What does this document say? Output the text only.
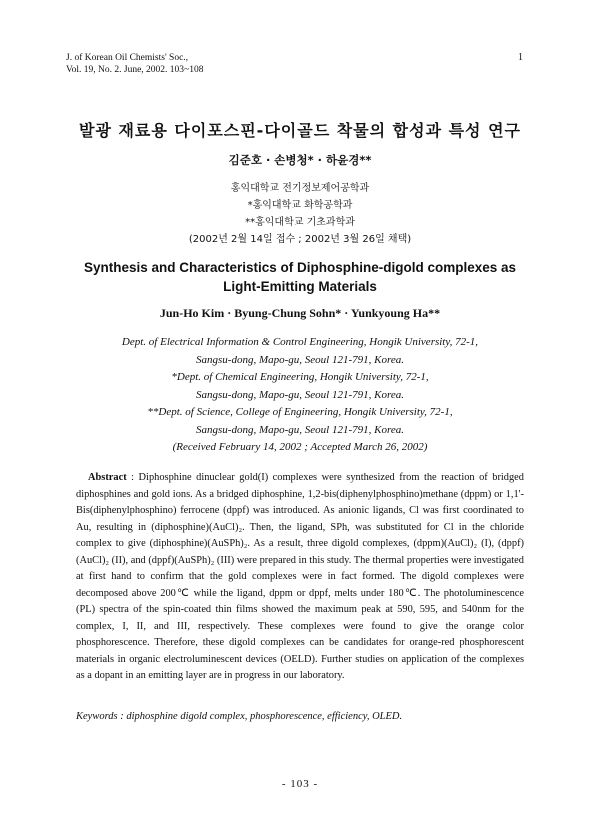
J. of Korean Oil Chemists' Soc.,
Vol. 19, No. 2. June, 2002. 103~108
1
발광 재료용 다이포스핀-다이골드 착물의 합성과 특성 연구
김준호 · 손병청* · 하윤경**
홍익대학교 전기정보제어공학과
*홍익대학교 화학공학과
**홍익대학교 기초과학과
(2002년 2월 14일 접수 ; 2002년 3월 26일 채택)
Synthesis and Characteristics of Diphosphine-digold complexes as
Light-Emitting Materials
Jun-Ho Kim · Byung-Chung Sohn* · Yunkyoung Ha**
Dept. of Electrical Information & Control Engineering, Hongik University, 72-1,
Sangsu-dong, Mapo-gu, Seoul 121-791, Korea.
*Dept. of Chemical Engineering, Hongik University, 72-1,
Sangsu-dong, Mapo-gu, Seoul 121-791, Korea.
**Dept. of Science, College of Engineering, Hongik University, 72-1,
Sangsu-dong, Mapo-gu, Seoul 121-791, Korea.
(Received February 14, 2002 ; Accepted March 26, 2002)
Abstract : Diphosphine dinuclear gold(I) complexes were synthesized from the reaction of bridged diphosphines and gold ions. As a bridged diphosphine, 1,2-bis(diphenylphosphino)methane (dppm) or 1,1'-Bis(diphenylphosphino) ferrocene (dppf) was introduced. As anionic ligands, Cl was first coordinated to Au, resulting in (diphosphine)(AuCl)₂. Then, the ligand, SPh, was substituted for Cl in the chloride complex to give (diphosphine)(AuSPh)₂. As a result, three digold complexes, (dppm)(AuCl)₂ (I), (dppf)(AuCl)₂ (II), and (dppf)(AuSPh)₂ (III) were prepared in this study. The thermal properties were investigated at first hand to confirm that the gold complexes were in fact formed. The digold complexes were decomposed above 200℃ while the ligand, dppm or dppf, melts under 180℃. The photoluminescence (PL) spectra of the spin-coated thin films showed the maximum peak at 590, 595, and 540nm for the complex, I, II, and III, respectively. These complexes were found to give the orange color phosphorescence. Therefore, these digold complexes can be candidates for orange-red phosphorescent materials in organic electroluminescent devices (OELD). Further studies on application of the complexes as a dopant in an emitting layer are in progress in our laboratory.
Keywords : diphosphine digold complex, phosphorescence, efficiency, OLED.
- 103 -
